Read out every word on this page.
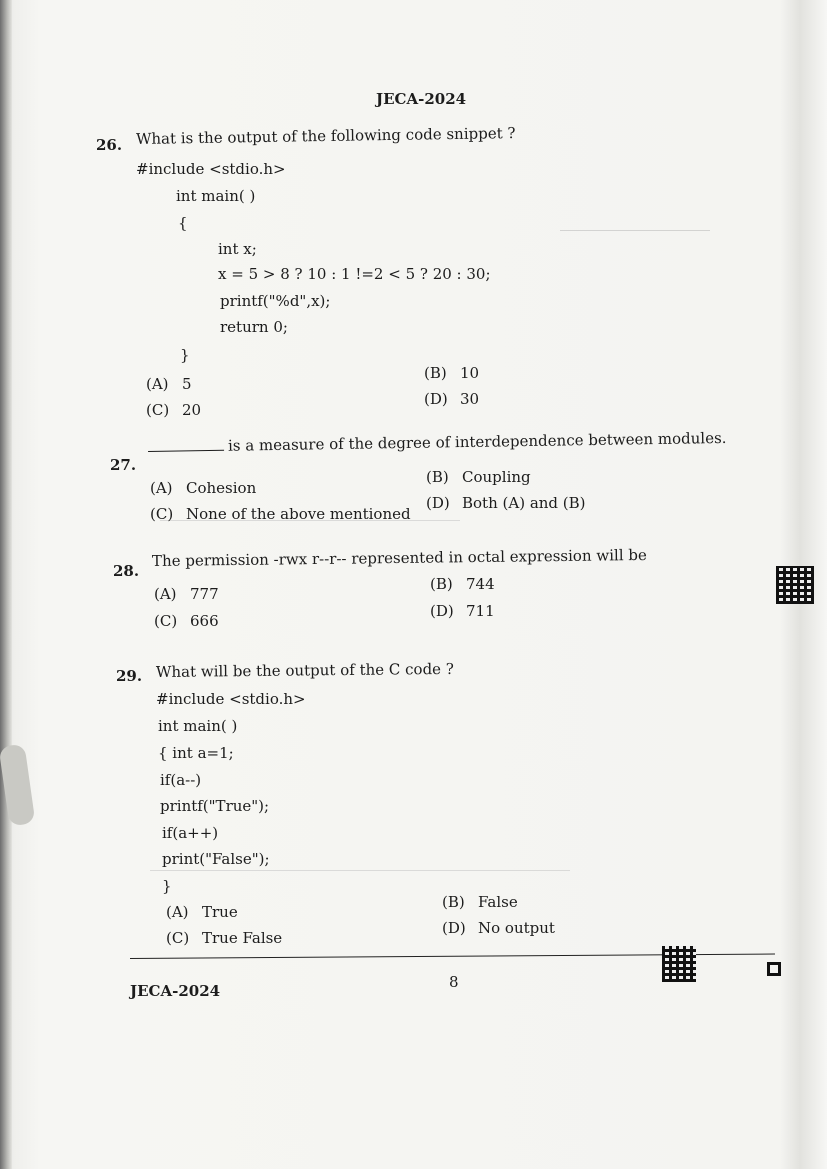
JECA-2024
26. What is the output of the following code snippet ?
#include <stdio.h>
int main( )
{
int x;
x = 5 > 8 ? 10 : 1 !=2 < 5 ? 20 : 30;
printf("%d",x);
return 0;
}
(A) 5
(B) 10
(C) 20
(D) 30
27.
is a measure of the degree of interdependence between modules.
(A) Cohesion
(B) Coupling
(C) None of the above mentioned
(D) Both (A) and (B)
28.
The permission -rwx r--r-- represented in octal expression will be
(A) 777
(B) 744
(C) 666
(D) 711
29. What will be the output of the C code ?
#include <stdio.h>
int main( )
{ int a=1;
if(a--)
printf("True");
if(a++)
print("False");
}
(A) True
(B) False
(C) True False
(D) No output
JECA-2024	8
